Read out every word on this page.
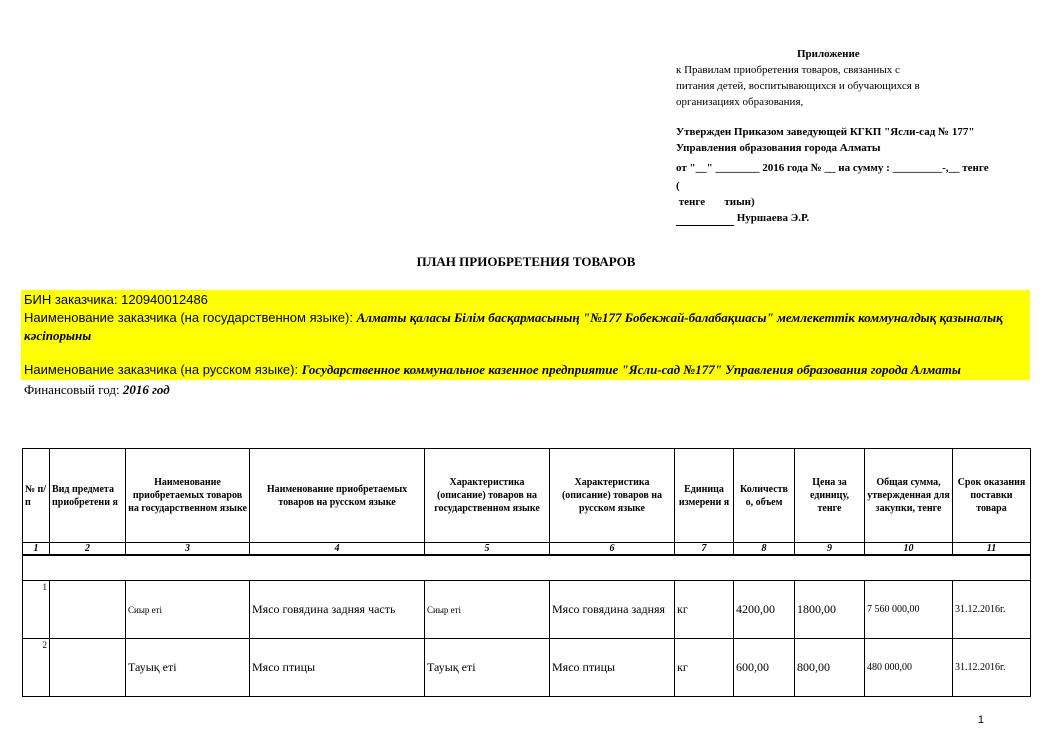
Приложение
к Правилам приобретения товаров, связанных с
питания детей, воспитывающихся и обучающихся в
организациях образования,
Утвержден Приказом заведующей КГКП "Ясли-сад № 177"
Управления образования города Алматы
от "__" ________ 2016 года № __ на сумму : _________-,__ тенге
(
тенге       тиын)
Нуршаева Э.Р.
ПЛАН ПРИОБРЕТЕНИЯ ТОВАРОВ
БИН заказчика: 120940012486
Наименование заказчика (на государственном языке): Алматы қаласы Білім басқармасының "№177 Бобекжай-балабақшасы" мемлекеттік коммуналдық қазыналық кәсіпорыны
Наименование заказчика (на русском языке): Государственное коммунальное казенное предприятие "Ясли-сад №177" Управления образования города Алматы
Финансовый год: 2016 год
№ п/п	Вид предмета приобретени я	Наименование приобретаемых товаров на государственном языке	Наименование приобретаемых товаров на русском языке	Характеристика (описание) товаров на государственном языке	Характеристика (описание) товаров на русском языке	Единица измерени я	Количеств о, объем	Цена за единицу, тенге	Общая сумма, утвержденная для закупки, тенге	Срок оказания поставки товара
1	2	3	4	5	6	7	8	9	10	11

1		Сиыр еті	Мясо говядина задняя часть	Сиыр еті	Мясо говядина задняя	кг	4200,00	1800,00	7 560 000,00	31.12.2016г.
2		Тауық еті	Мясо птицы	Тауық еті	Мясо птицы	кг	600,00	800,00	480 000,00	31.12.2016г.
1
